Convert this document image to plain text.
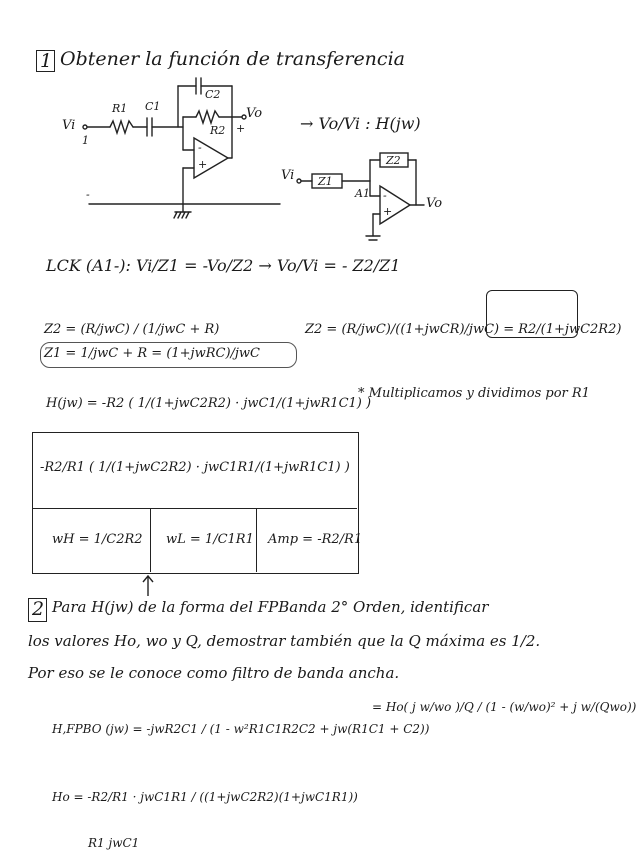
1 Obtener la función de transferencia
Vi
1
R1 C1
C2
R2
Vo
+
-
-
+
→ Vo/Vi : H(jw)
Z2
Z1
Vi
A1
Vo
-
+
LCK (A1-): Vi/Z1 = -Vo/Z2 → Vo/Vi = - Z2/Z1
Z2 = (R/jwC) / (1/jwC + R)
Z1 = 1/jwC + R = (1+jwRC)/jwC
Z2 = (R/jwC)/((1+jwCR)/jwC) = R2/(1+jwC2R2)
H(jw) = -R2 ( 1/(1+jwC2R2) · jwC1/(1+jwR1C1) )
* Multiplicamos y dividimos por R1
-R2/R1 ( 1/(1+jwC2R2) · jwC1R1/(1+jwR1C1) )
wH = 1/C2R2 wL = 1/C1R1 Amp = -R2/R1
2 Para H(jw) de la forma del FPBanda 2° Orden, identificar
los valores Ho, wo y Q, demostrar también que la Q máxima es 1/2.
Por eso se le conoce como filtro de banda ancha.
H,FPBO (jw) = -jwR2C1 / (1 - w²R1C1R2C2 + jw(R1C1 + C2))
= Ho( j w/wo )/Q / (1 - (w/wo)² + j w/(Qwo))
Ho = -R2/R1 · jwC1R1 / ((1+jwC2R2)(1+jwC1R1))
R1 jwC1
